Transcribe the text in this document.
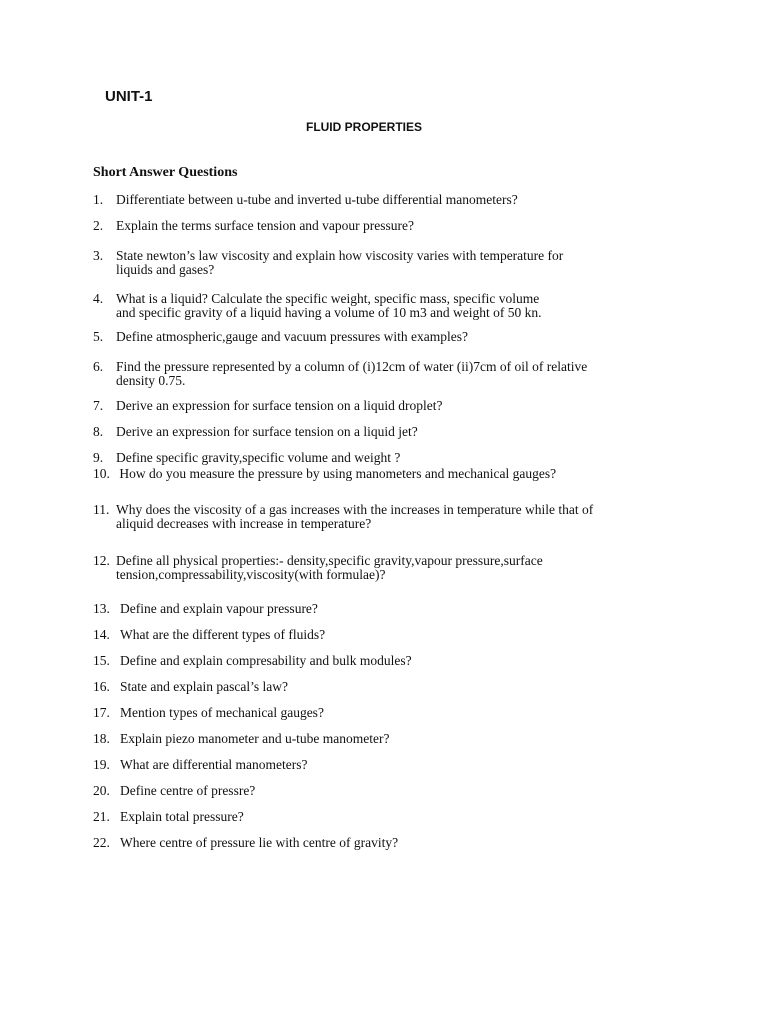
UNIT-1
FLUID PROPERTIES
Short Answer Questions
1. Differentiate between u-tube and inverted u-tube differential manometers?
2. Explain the terms surface tension and vapour pressure?
3. State newton’s law viscosity and explain how viscosity varies with temperature for
liquids and gases?
4. What is a liquid? Calculate the specific weight, specific mass, specific volume
and specific gravity of a liquid having a volume of 10 m3 and weight of 50 kn.
5. Define atmospheric,gauge and vacuum pressures with examples?
6. Find the pressure represented by a column of (i)12cm of water (ii)7cm of oil of relative
density 0.75.
7. Derive an expression for surface tension on a liquid droplet?
8. Derive an expression for surface tension on a liquid jet?
9. Define specific gravity,specific volume and weight ?
10. How do you measure the pressure by using manometers and mechanical gauges?
11. Why does the viscosity of a gas increases with the increases in temperature while that of
aliquid decreases with increase in temperature?
12. Define all physical properties:- density,specific gravity,vapour pressure,surface
tension,compressability,viscosity(with formulae)?
13. Define and explain vapour pressure?
14. What are the different types of fluids?
15. Define and explain compresability and bulk modules?
16. State and explain pascal’s law?
17. Mention types of mechanical gauges?
18. Explain piezo manometer and u-tube manometer?
19. What are differential manometers?
20. Define centre of pressre?
21. Explain total pressure?
22. Where centre of pressure lie with centre of gravity?
